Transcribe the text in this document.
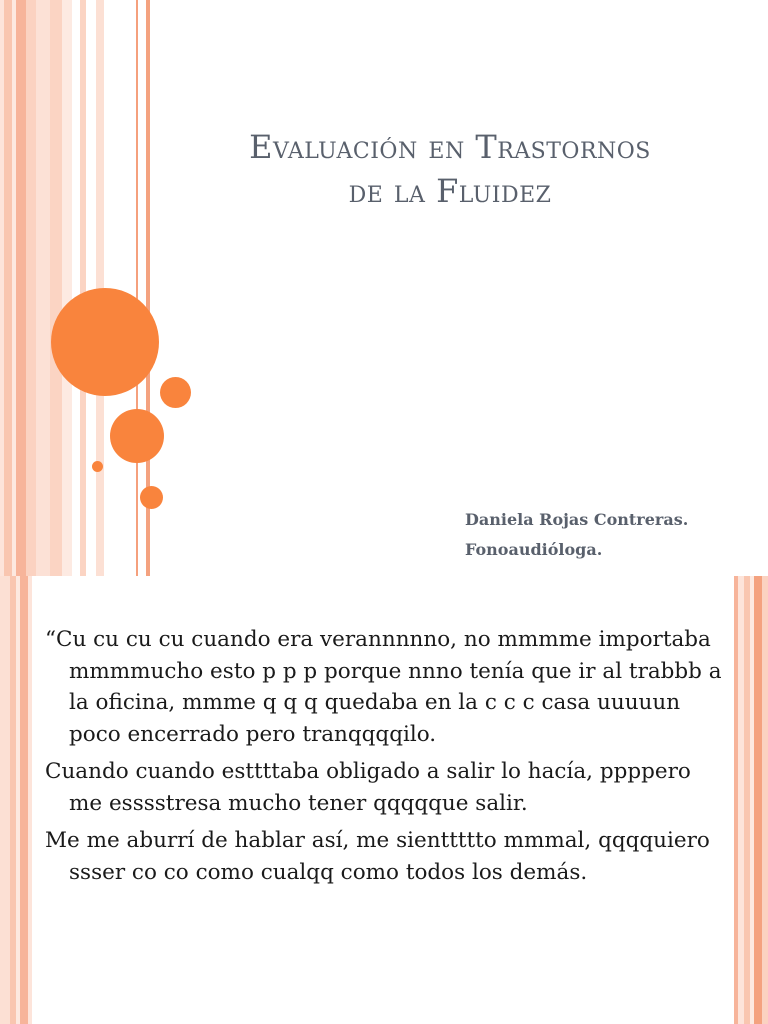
Evaluación en Trastornos
de la Fluidez
Daniela Rojas Contreras.
Fonoaudióloga.

“Cu cu cu cu cuando era verannnnno, no mmmme importaba mmmmucho esto p p p porque nnno tenía que ir al trabbb a la oficina, mmme q q q quedaba en la c c c casa uuuuun poco encerrado pero tranqqqqilo.

Cuando cuando esttttaba obligado a salir lo hacía, ppppero me esssstresa mucho tener qqqqque salir.

Me me aburrí de hablar así, me sienttttto mmmal, qqqquiero ssser co co como cualqq como todos los demás.
